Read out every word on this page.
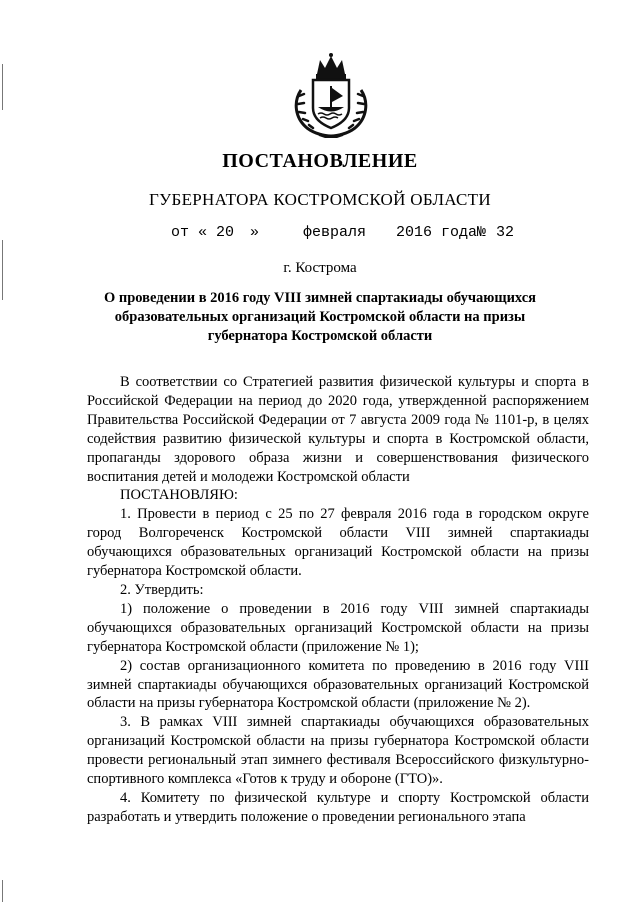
ПОСТАНОВЛЕНИЕ
ГУБЕРНАТОРА КОСТРОМСКОЙ ОБЛАСТИ
от « 20 »	февраля 2016 года № 32
г. Кострома
О проведении в 2016 году VIII зимней спартакиады обучающихся
образовательных организаций Костромской области на призы
губернатора Костромской области

В соответствии со Стратегией развития физической культуры и спорта в Российской Федерации на период до 2020 года, утвержденной распоряжением Правительства Российской Федерации от 7 августа 2009 года № 1101-р, в целях содействия развитию физической культуры и спорта в Костромской области, пропаганды здорового образа жизни и совершенствования физического воспитания детей и молодежи Костромской области

ПОСТАНОВЛЯЮ:

1. Провести в период с 25 по 27 февраля 2016 года в городском округе город Волгореченск Костромской области VIII зимней спартакиады обучающихся образовательных организаций Костромской области на призы губернатора Костромской области.

2. Утвердить:

1) положение о проведении в 2016 году VIII зимней спартакиады обучающихся образовательных организаций Костромской области на призы губернатора Костромской области (приложение № 1);

2) состав организационного комитета по проведению в 2016 году VIII зимней спартакиады обучающихся образовательных организаций Костромской области на призы губернатора Костромской области (приложение № 2).

3. В рамках VIII зимней спартакиады обучающихся образовательных организаций Костромской области на призы губернатора Костромской области провести региональный этап зимнего фестиваля Всероссийского физкультурно-спортивного комплекса «Готов к труду и обороне (ГТО)».

4. Комитету по физической культуре и спорту Костромской области разработать и утвердить положение о проведении регионального этапа
